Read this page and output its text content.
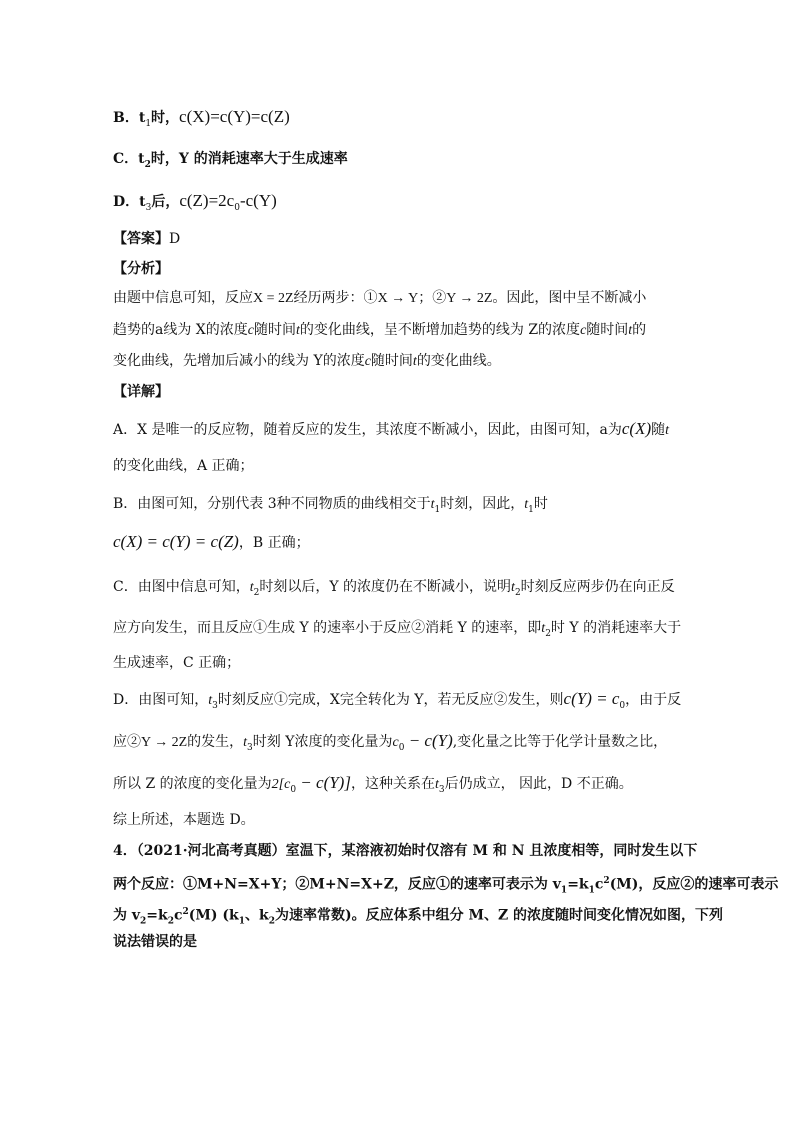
B．$t_1$时，c(X)=c(Y)=c(Z)
C．$t_2$时，Y 的消耗速率大于生成速率
D．$t_3$后，$c(Z)=2c_0-c(Y)$
【答案】D
【分析】
由题中信息可知，反应X = 2Z经历两步：①X → Y；②Y → 2Z。因此，图中呈不断减小
趋势的a线为 X的浓度c随时间t的变化曲线，呈不断增加趋势的线为 Z的浓度c随时间t的
变化曲线，先增加后减小的线为 Y的浓度c随时间t的变化曲线。
【详解】
A．X 是唯一的反应物，随着反应的发生，其浓度不断减小，因此，由图可知，a为c(X)随t
的变化曲线，A 正确；
B．由图可知，分别代表 3种不同物质的曲线相交于$t_1$时刻，因此，$t_1$时
c(X) = c(Y) = c(Z)，B 正确；
C．由图中信息可知，$t_2$时刻以后，Y 的浓度仍在不断减小，说明$t_2$时刻反应两步仍在向正反
应方向发生，而且反应①生成 Y 的速率小于反应②消耗 Y 的速率，即$t_2$时 Y 的消耗速率大于
生成速率，C 正确；
D．由图可知，$t_3$时刻反应①完成，X完全转化为 Y，若无反应②发生，则$c(Y) = c_0$，由于反
应②Y → 2Z的发生，$t_3$时刻 Y浓度的变化量为$c_0 - c(Y)$,变化量之比等于化学计量数之比，
所以 Z 的浓度的变化量为$2[c_0 - c(Y)]$，这种关系在$t_3$后仍成立， 因此，D 不正确。
综上所述，本题选 D。
4．（2021·河北高考真题）室温下，某溶液初始时仅溶有 M 和 N 且浓度相等，同时发生以下
两个反应：①M+N=X+Y；②M+N=X+Z，反应①的速率可表示为 $v_1=k_1c^2(M)$，反应②的速率可表示
为 $v_2=k_2c^2(M)$ ($k_1$、$k_2$为速率常数)。反应体系中组分 M、Z 的浓度随时间变化情况如图，下列
说法错误的是
